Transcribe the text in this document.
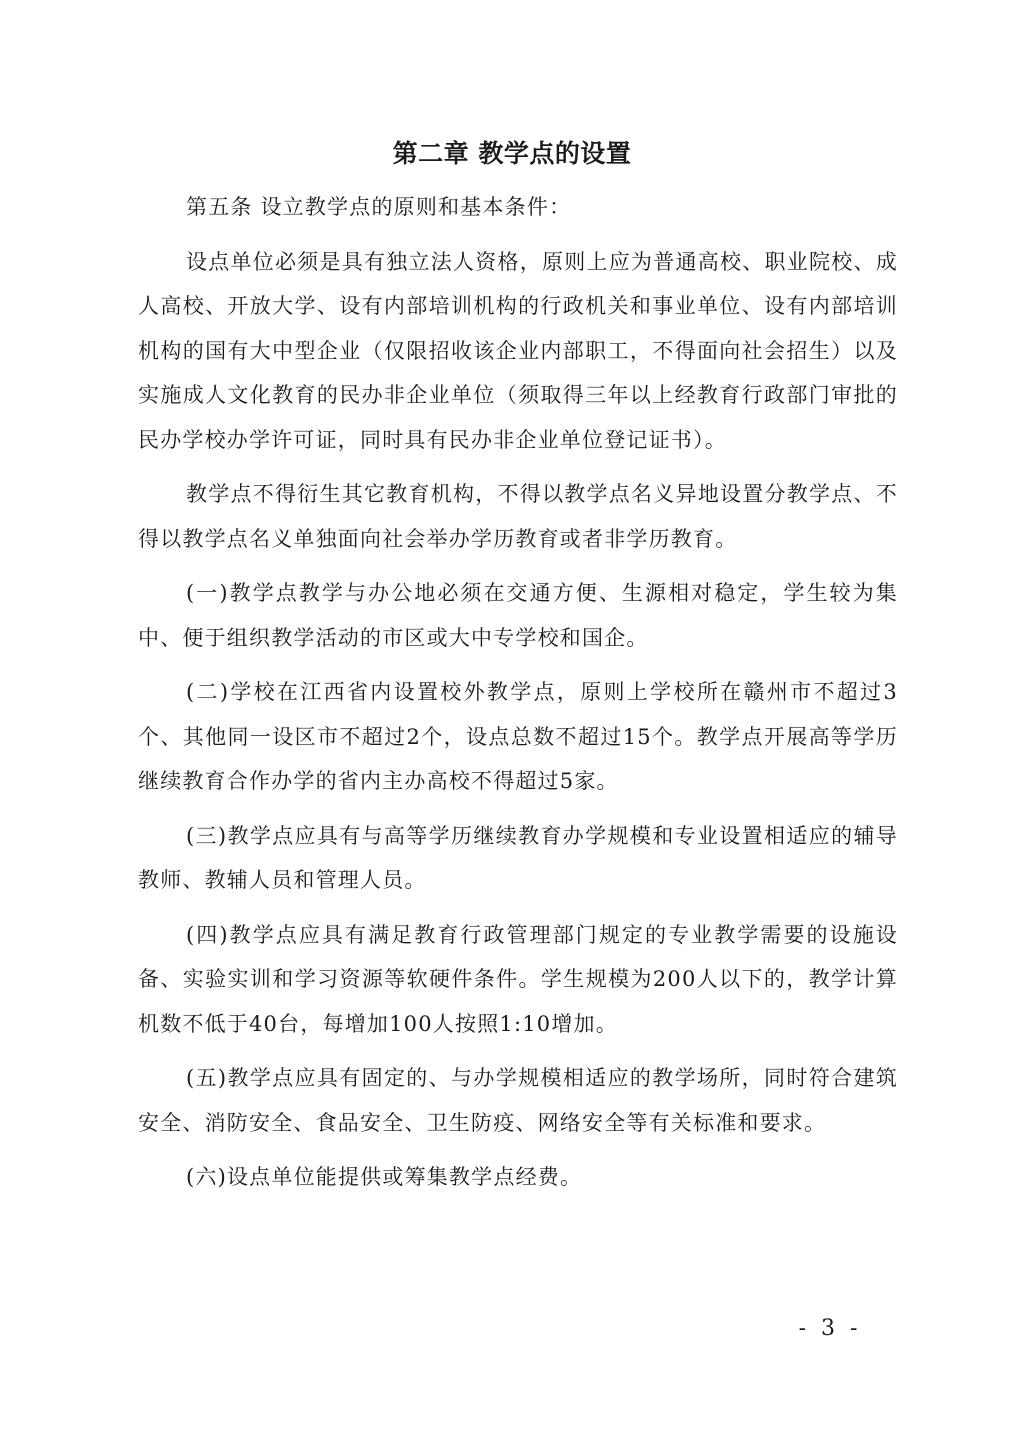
第二章 教学点的设置

第五条 设立教学点的原则和基本条件：

设点单位必须是具有独立法人资格，原则上应为普通高校、职业院校、成人高校、开放大学、设有内部培训机构的行政机关和事业单位、设有内部培训机构的国有大中型企业（仅限招收该企业内部职工，不得面向社会招生）以及实施成人文化教育的民办非企业单位（须取得三年以上经教育行政部门审批的民办学校办学许可证，同时具有民办非企业单位登记证书）。

教学点不得衍生其它教育机构，不得以教学点名义异地设置分教学点、不得以教学点名义单独面向社会举办学历教育或者非学历教育。

(一)教学点教学与办公地必须在交通方便、生源相对稳定，学生较为集中、便于组织教学活动的市区或大中专学校和国企。

(二)学校在江西省内设置校外教学点，原则上学校所在赣州市不超过3个、其他同一设区市不超过2个，设点总数不超过15个。教学点开展高等学历继续教育合作办学的省内主办高校不得超过5家。

(三)教学点应具有与高等学历继续教育办学规模和专业设置相适应的辅导教师、教辅人员和管理人员。

(四)教学点应具有满足教育行政管理部门规定的专业教学需要的设施设备、实验实训和学习资源等软硬件条件。学生规模为200人以下的，教学计算机数不低于40台，每增加100人按照1:10增加。

(五)教学点应具有固定的、与办学规模相适应的教学场所，同时符合建筑安全、消防安全、食品安全、卫生防疫、网络安全等有关标准和要求。

(六)设点单位能提供或筹集教学点经费。

- 3 -
